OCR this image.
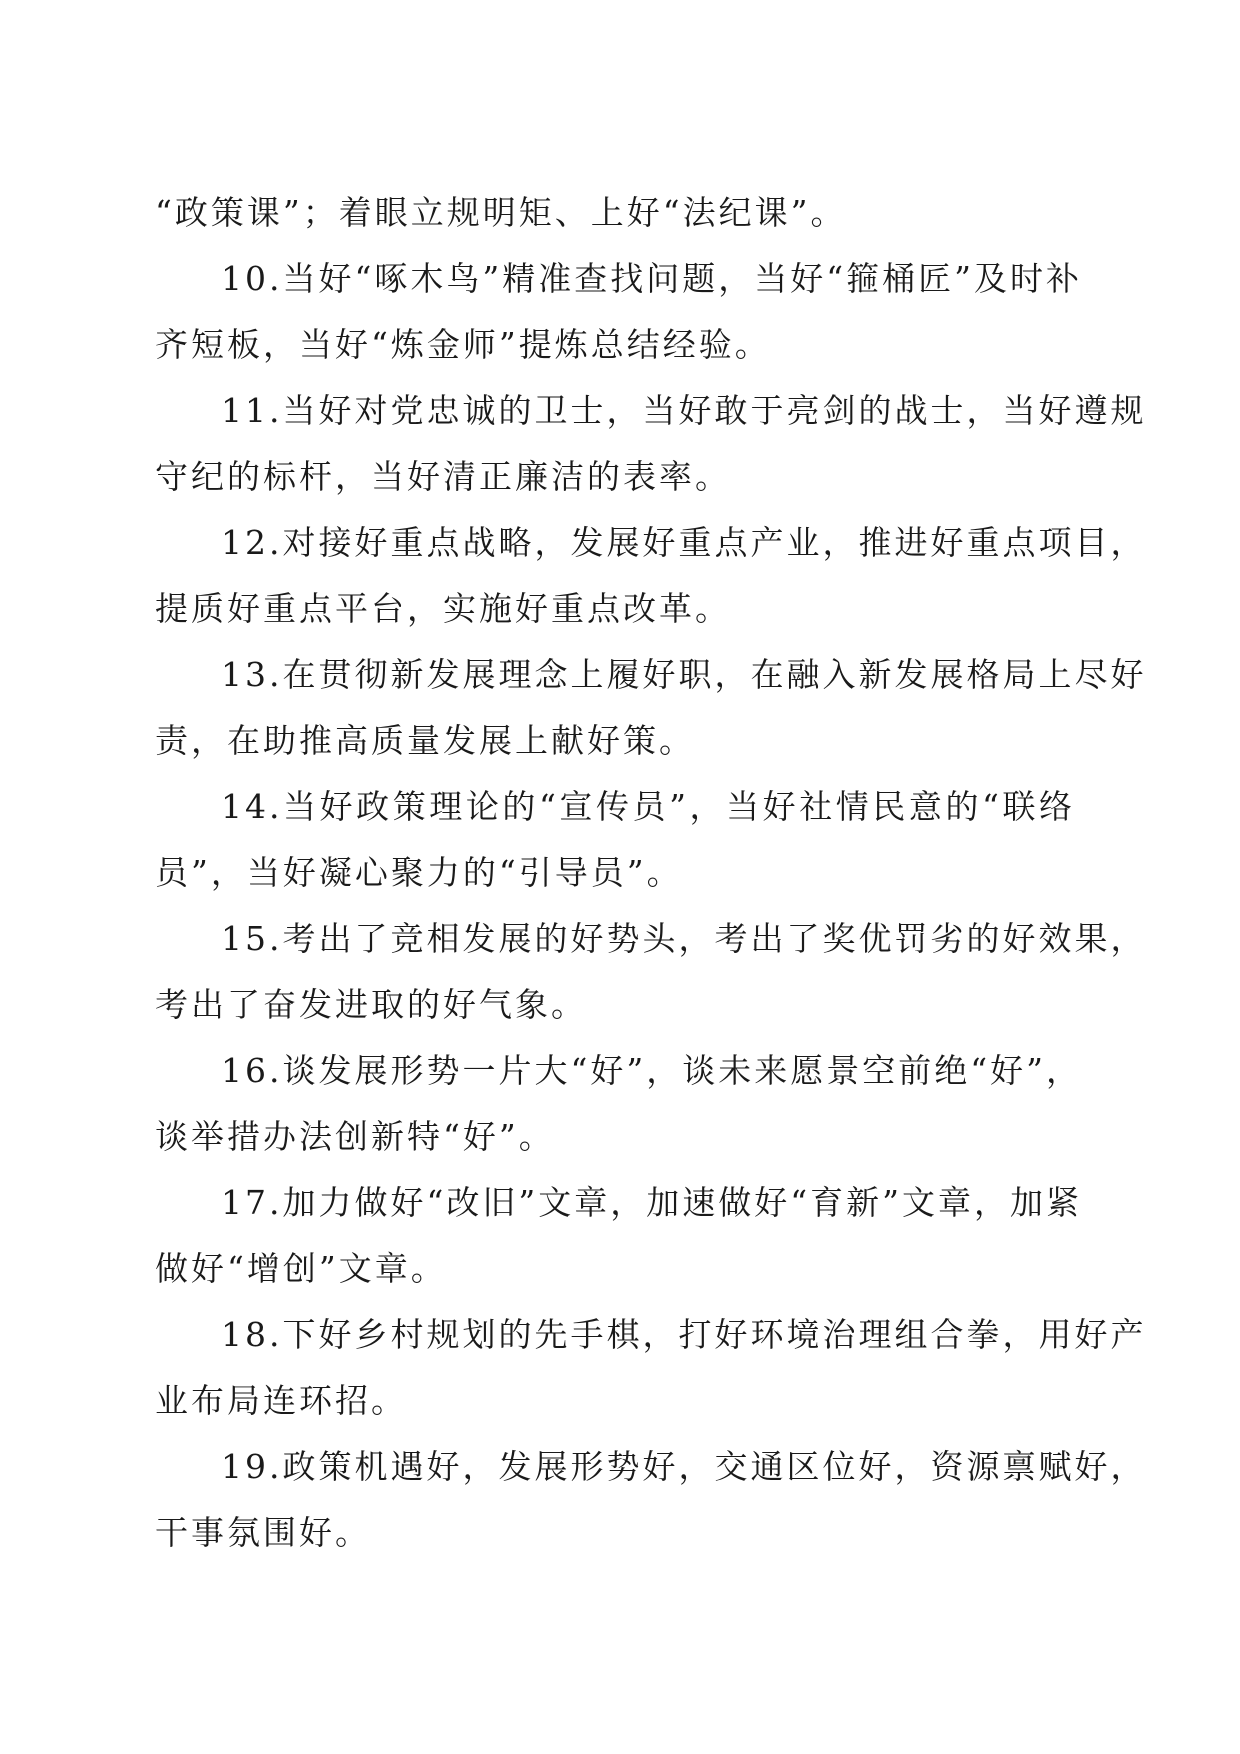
“政策课”；着眼立规明矩、上好“法纪课”。
10.当好“啄木鸟”精准查找问题，当好“箍桶匠”及时补
齐短板，当好“炼金师”提炼总结经验。
11.当好对党忠诚的卫士，当好敢于亮剑的战士，当好遵规
守纪的标杆，当好清正廉洁的表率。
12.对接好重点战略，发展好重点产业，推进好重点项目，
提质好重点平台，实施好重点改革。
13.在贯彻新发展理念上履好职，在融入新发展格局上尽好
责，在助推高质量发展上献好策。
14.当好政策理论的“宣传员”，当好社情民意的“联络
员”，当好凝心聚力的“引导员”。
15.考出了竞相发展的好势头，考出了奖优罚劣的好效果，
考出了奋发进取的好气象。
16.谈发展形势一片大“好”，谈未来愿景空前绝“好”，
谈举措办法创新特“好”。
17.加力做好“改旧”文章，加速做好“育新”文章，加紧
做好“增创”文章。
18.下好乡村规划的先手棋，打好环境治理组合拳，用好产
业布局连环招。
19.政策机遇好，发展形势好，交通区位好，资源禀赋好，
干事氛围好。
